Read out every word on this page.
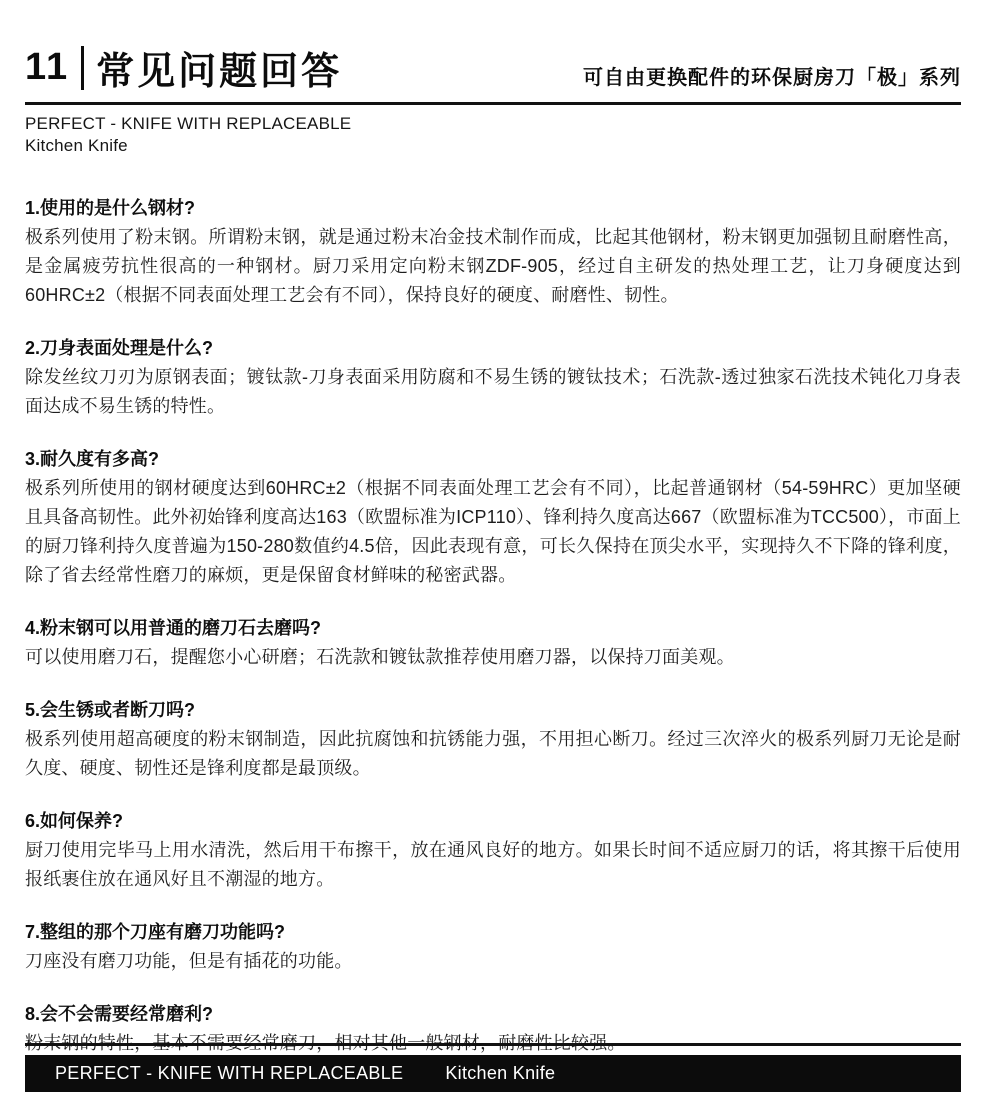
11 常见问题回答	可自由更换配件的环保厨房刀「极」系列
PERFECT - KNIFE WITH REPLACEABLE
Kitchen Knife
1.使用的是什么钢材?
极系列使用了粉末钢。所谓粉末钢，就是通过粉末冶金技术制作而成，比起其他钢材，粉末钢更加强韧且耐磨性高，是金属疲劳抗性很高的一种钢材。厨刀采用定向粉末钢ZDF-905，经过自主研发的热处理工艺，让刀身硬度达到60HRC±2（根据不同表面处理工艺会有不同），保持良好的硬度、耐磨性、韧性。
2.刀身表面处理是什么?
除发丝纹刀刃为原钢表面；镀钛款-刀身表面采用防腐和不易生锈的镀钛技术；石洗款-透过独家石洗技术钝化刀身表面达成不易生锈的特性。
3.耐久度有多高?
极系列所使用的钢材硬度达到60HRC±2（根据不同表面处理工艺会有不同），比起普通钢材（54-59HRC）更加坚硬且具备高韧性。此外初始锋利度高达163（欧盟标准为ICP110）、锋利持久度高达667（欧盟标准为TCC500），市面上的厨刀锋利持久度普遍为150-280数值约4.5倍，因此表现有意，可长久保持在顶尖水平，实现持久不下降的锋利度，除了省去经常性磨刀的麻烦，更是保留食材鲜味的秘密武器。
4.粉末钢可以用普通的磨刀石去磨吗?
可以使用磨刀石，提醒您小心研磨；石洗款和镀钛款推荐使用磨刀器，以保持刀面美观。
5.会生锈或者断刀吗?
极系列使用超高硬度的粉末钢制造，因此抗腐蚀和抗锈能力强，不用担心断刀。经过三次淬火的极系列厨刀无论是耐久度、硬度、韧性还是锋利度都是最顶级。
6.如何保养?
厨刀使用完毕马上用水清洗，然后用干布擦干，放在通风良好的地方。如果长时间不适应厨刀的话，将其擦干后使用报纸裹住放在通风好且不潮湿的地方。
7.整组的那个刀座有磨刀功能吗?
刀座没有磨刀功能，但是有插花的功能。
8.会不会需要经常磨利?
PERFECT - KNIFE WITH REPLACEABLE Kitchen Knife
